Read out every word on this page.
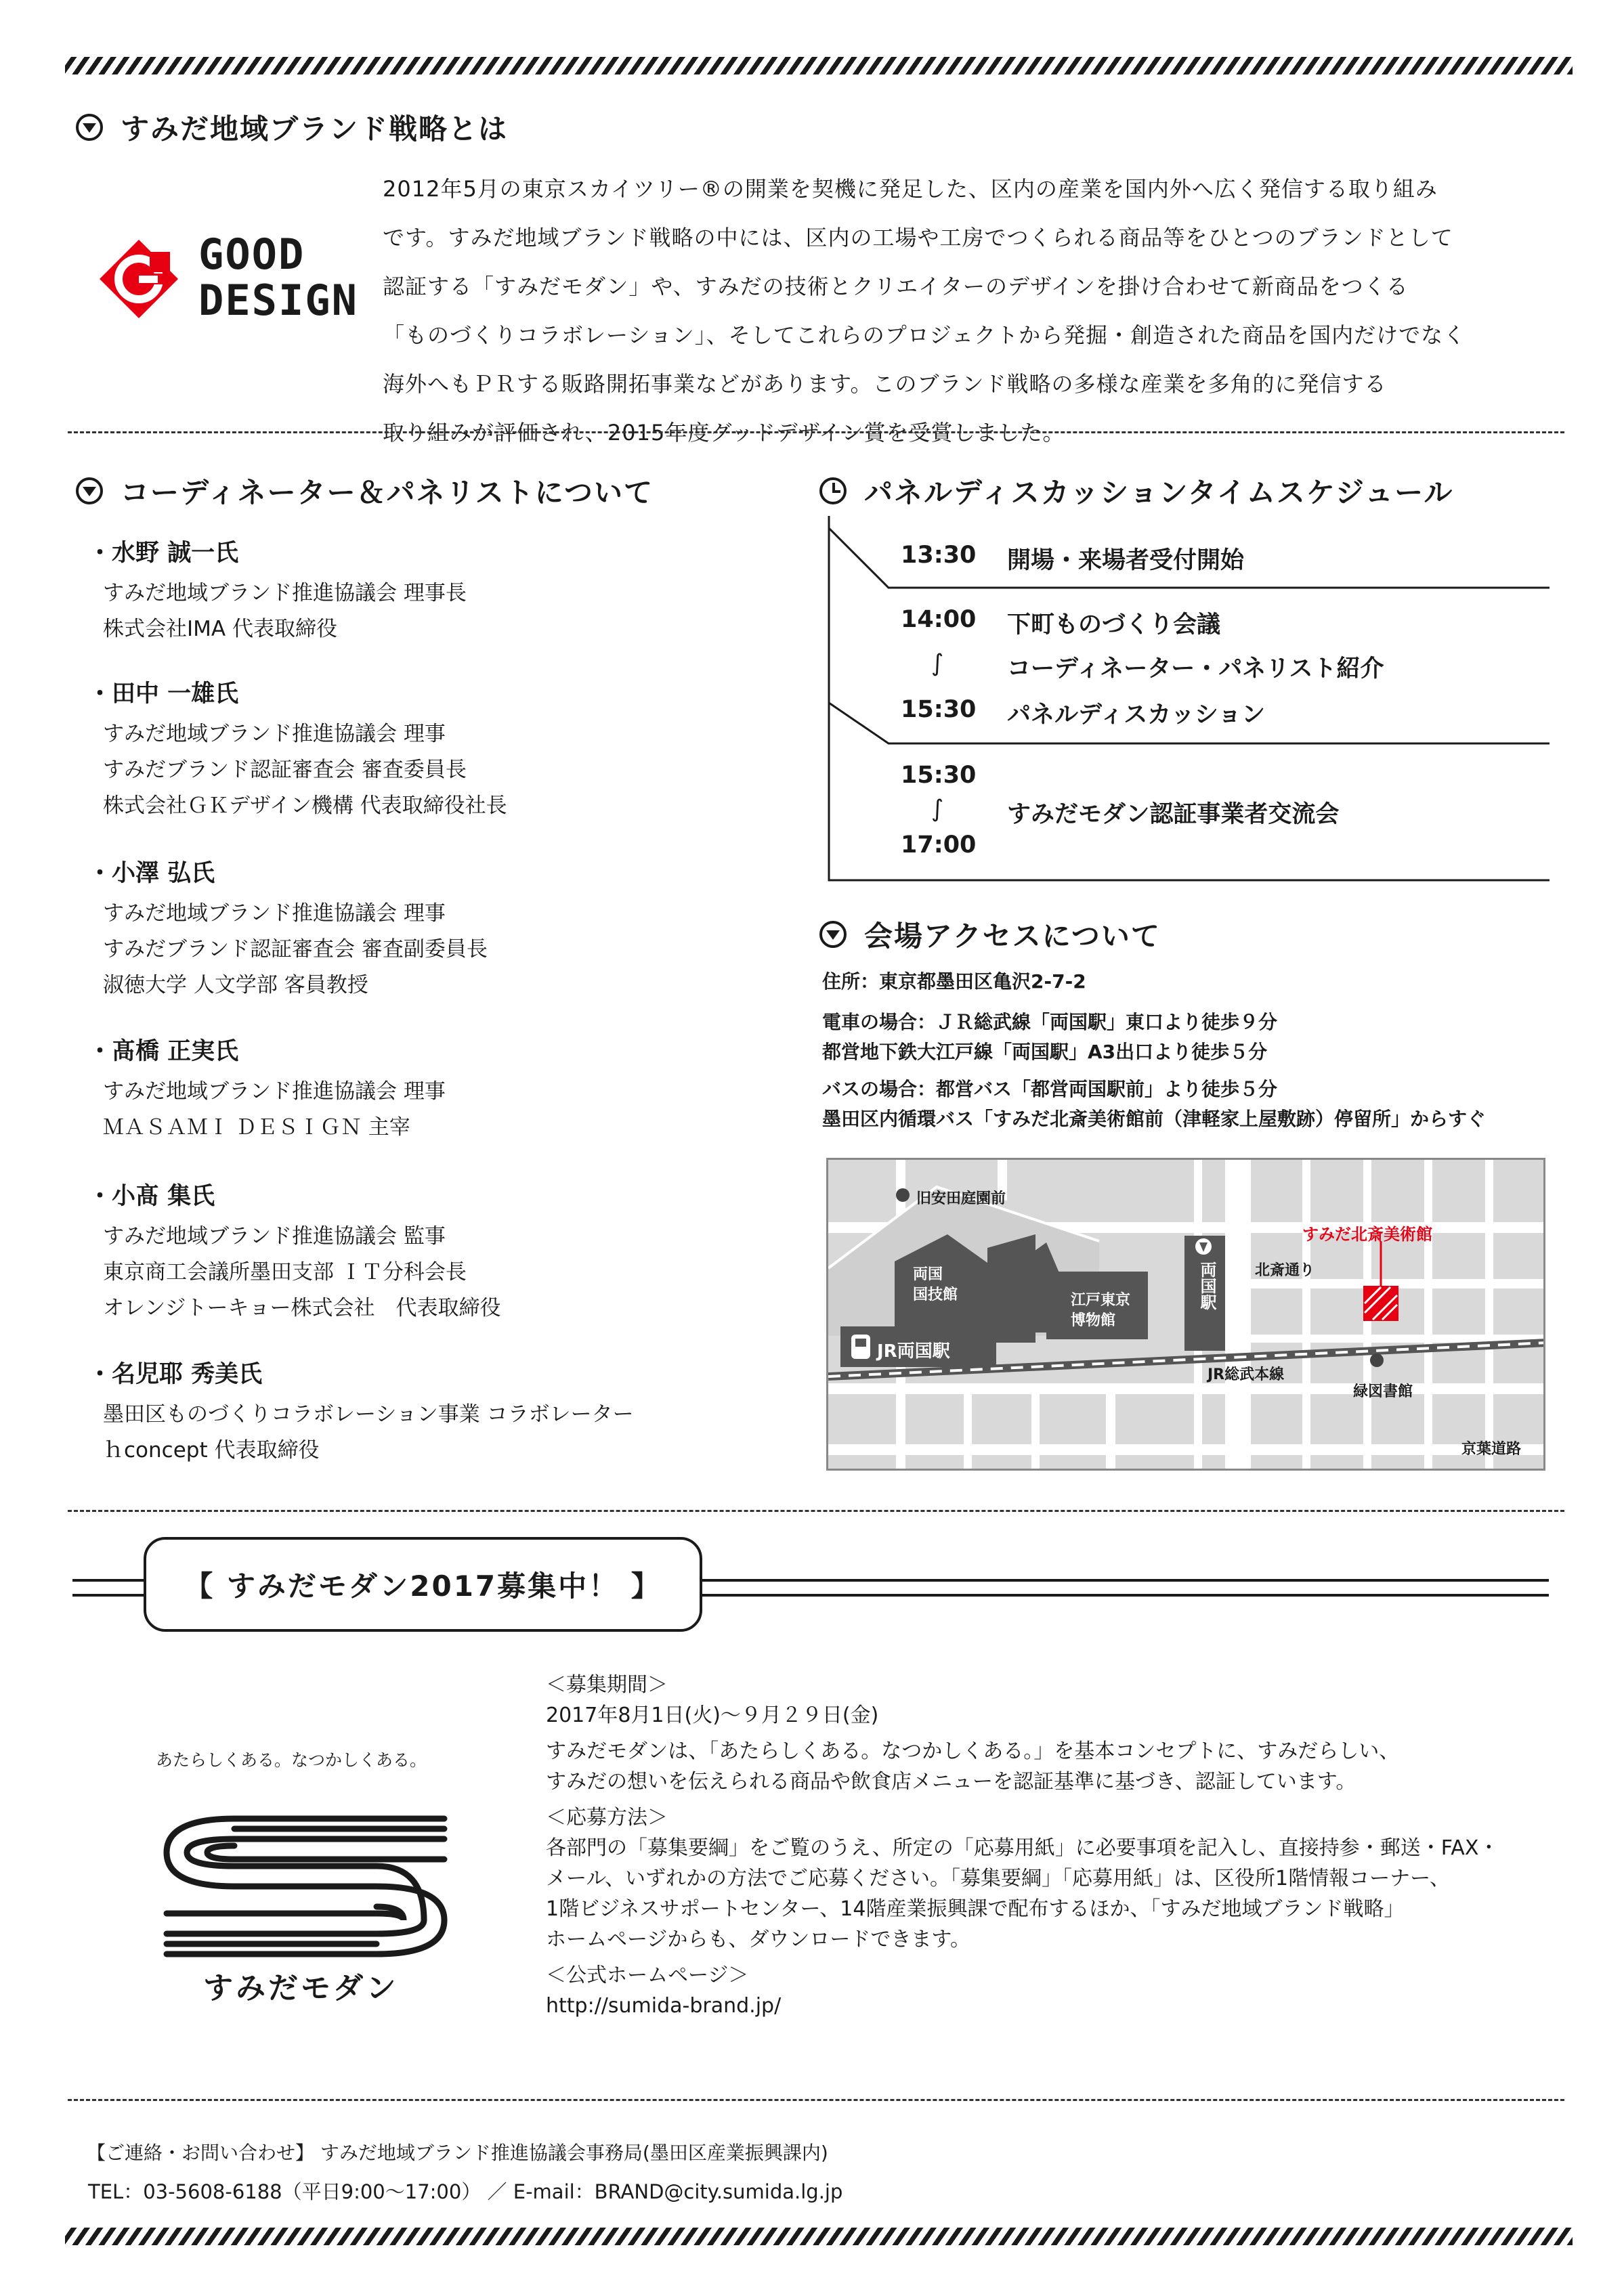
すみだ地域ブランド戦略とは
GOOD
DESIGN

2012年5月の東京スカイツリー®の開業を契機に発足した、区内の産業を国内外へ広く発信する取り組み

です。すみだ地域ブランド戦略の中には、区内の工場や工房でつくられる商品等をひとつのブランドとして

認証する「すみだモダン」や、すみだの技術とクリエイターのデザインを掛け合わせて新商品をつくる

「ものづくりコラボレーション」、そしてこれらのプロジェクトから発掘・創造された商品を国内だけでなく

海外へもＰＲする販路開拓事業などがあります。このブランド戦略の多様な産業を多角的に発信する

取り組みが評価され、2015年度グッドデザイン賞を受賞しました。

コーディネーター＆パネリストについて
・水野 誠一氏
すみだ地域ブランド推進協議会 理事長
株式会社IMA 代表取締役
・田中 一雄氏
すみだ地域ブランド推進協議会 理事
すみだブランド認証審査会 審査委員長
株式会社ＧＫデザイン機構 代表取締役社長
・小澤 弘氏
すみだ地域ブランド推進協議会 理事
すみだブランド認証審査会 審査副委員長
淑徳大学 人文学部 客員教授
・髙橋 正実氏
すみだ地域ブランド推進協議会 理事
ＭＡＳＡＭＩ ＤＥＳＩＧＮ 主宰
・小髙 集氏
すみだ地域ブランド推進協議会 監事
東京商工会議所墨田支部 ＩＴ分科会長
オレンジトーキョー株式会社　代表取締役
・名児耶 秀美氏
墨田区ものづくりコラボレーション事業 コラボレーター
ｈconcept 代表取締役
パネルディスカッションタイムスケジュール
13:30 開場・来場者受付開始
14:00 下町ものづくり会議
∫	コーディネーター・パネリスト紹介
15:30 パネルディスカッション
15:30
∫	すみだモダン認証事業者交流会
17:00
会場アクセスについて
住所：東京都墨田区亀沢2-7-2
電車の場合：ＪＲ総武線「両国駅」東口より徒歩９分
都営地下鉄大江戸線「両国駅」A3出口より徒歩５分
バスの場合：都営バス「都営両国駅前」より徒歩５分
墨田区内循環バス「すみだ北斎美術館前（津軽家上屋敷跡）停留所」からすぐ
旧安田庭園前
両国
国技館	江戸東京
博物館
JR両国駅
両国駅
すみだ北斎美術館
北斎通り
JR総武本線
緑図書館
京葉道路
【 すみだモダン2017募集中！ 】
あたらしくある。なつかしくある。
すみだモダン

＜募集期間＞

2017年8月1日(火)～９月２９日(金)

すみだモダンは、「あたらしくある。なつかしくある。」を基本コンセプトに、すみだらしい、

すみだの想いを伝えられる商品や飲食店メニューを認証基準に基づき、認証しています。

＜応募方法＞

各部門の「募集要綱」をご覧のうえ、所定の「応募用紙」に必要事項を記入し、直接持参・郵送・FAX・

メール、いずれかの方法でご応募ください。「募集要綱」「応募用紙」は、区役所1階情報コーナー、

1階ビジネスサポートセンター、14階産業振興課で配布するほか、「すみだ地域ブランド戦略」

ホームページからも、ダウンロードできます。

＜公式ホームページ＞

http://sumida-brand.jp/

【ご連絡・お問い合わせ】 すみだ地域ブランド推進協議会事務局(墨田区産業振興課内)
TEL：03-5608-6188（平日9:00～17:00） ／ E-mail：BRAND@city.sumida.lg.jp
